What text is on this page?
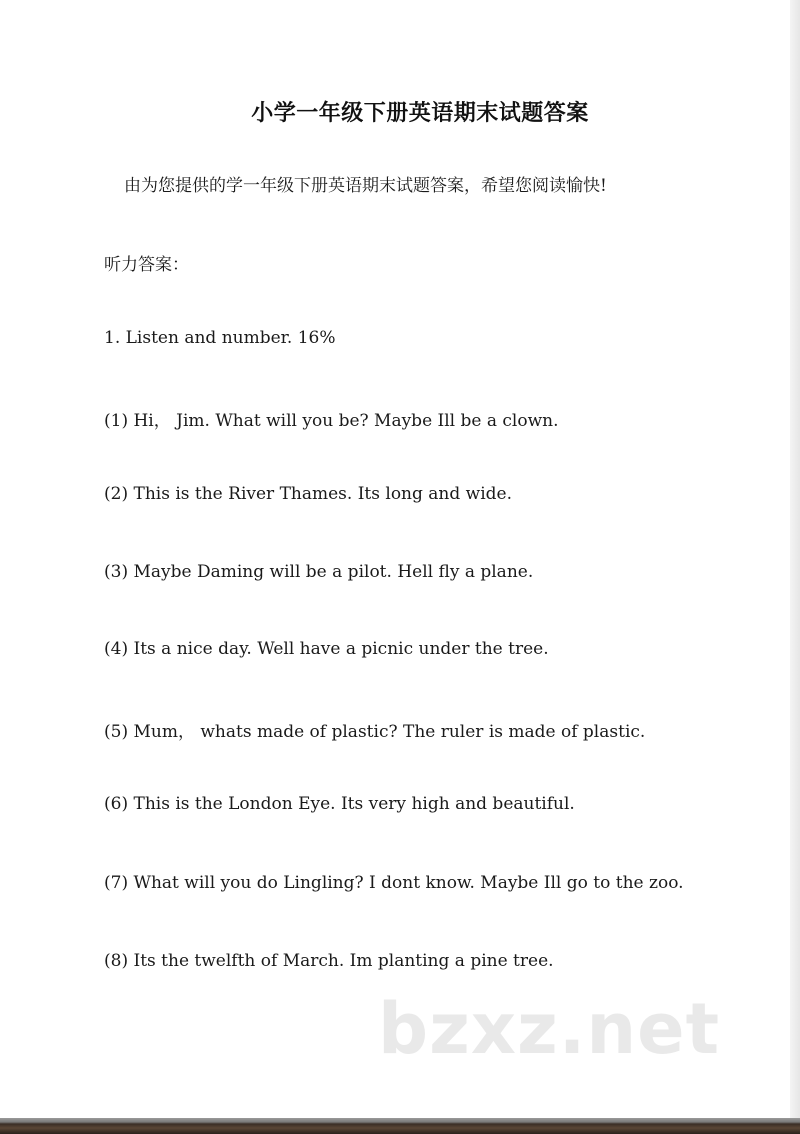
小学一年级下册英语期末试题答案

由为您提供的学一年级下册英语期末试题答案，希望您阅读愉快!

听力答案：

1. Listen and number. 16%

(1) Hi， Jim. What will you be? Maybe Ill be a clown.

(2) This is the River Thames. Its long and wide.

(3) Maybe Daming will be a pilot. Hell fly a plane.

(4) Its a nice day. Well have a picnic under the tree.

(5) Mum， whats made of plastic? The ruler is made of plastic.

(6) This is the London Eye. Its very high and beautiful.

(7) What will you do Lingling? I dont know. Maybe Ill go to the zoo.

(8) Its the twelfth of March. Im planting a pine tree.

bzxz.net
